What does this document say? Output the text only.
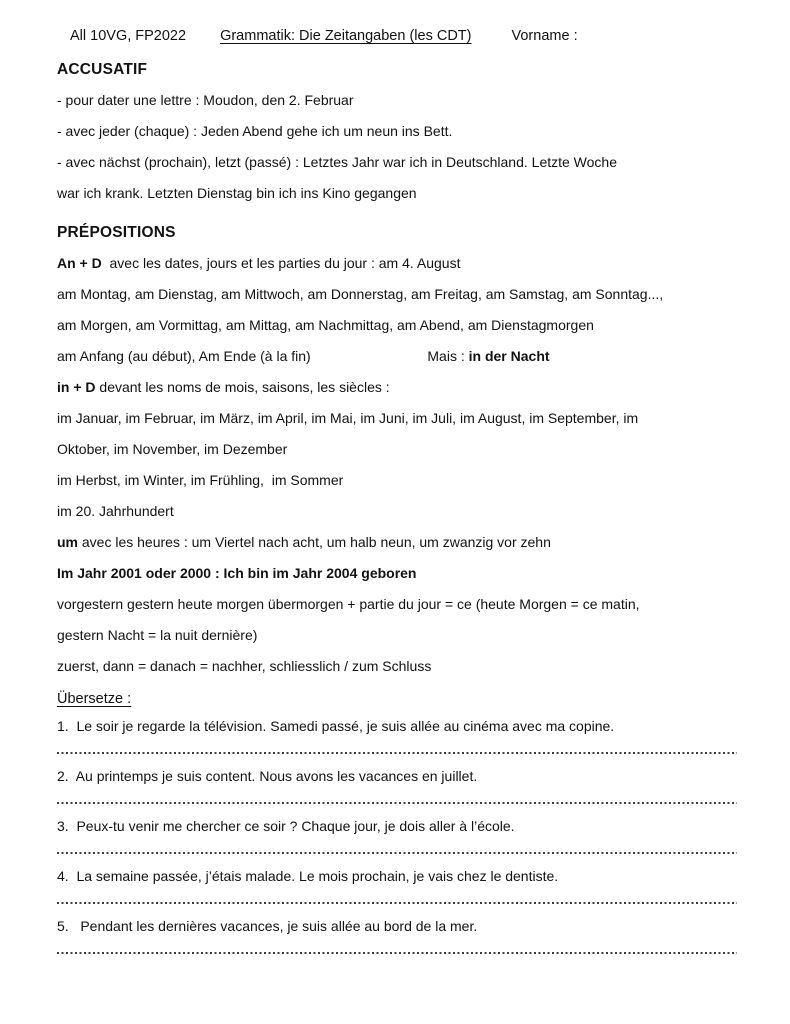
All 10VG, FP2022 Grammatik: Die Zeitangaben (les CDT)	Vorname :
ACCUSATIF
- pour dater une lettre : Moudon, den 2. Februar
- avec jeder (chaque) : Jeden Abend gehe ich um neun ins Bett.
- avec nächst (prochain), letzt (passé) : Letztes Jahr war ich in Deutschland. Letzte Woche
war ich krank. Letzten Dienstag bin ich ins Kino gegangen
PRÉPOSITIONS
An + D  avec les dates, jours et les parties du jour : am 4. August
am Montag, am Dienstag, am Mittwoch, am Donnerstag, am Freitag, am Samstag, am Sonntag...,
am Morgen, am Vormittag, am Mittag, am Nachmittag, am Abend, am Dienstagmorgen
am Anfang (au début), Am Ende (à la fin)                              Mais : in der Nacht
in + D devant les noms de mois, saisons, les siècles :
im Januar, im Februar, im März, im April, im Mai, im Juni, im Juli, im August, im September, im
Oktober, im November, im Dezember
im Herbst, im Winter, im Frühling,  im Sommer
im 20. Jahrhundert
um avec les heures : um Viertel nach acht, um halb neun, um zwanzig vor zehn
Im Jahr 2001 oder 2000 : Ich bin im Jahr 2004 geboren
vorgestern gestern heute morgen übermorgen + partie du jour = ce (heute Morgen = ce matin,
gestern Nacht = la nuit dernière)
zuerst, dann = danach = nachher, schliesslich / zum Schluss
Übersetze :
1.  Le soir je regarde la télévision. Samedi passé, je suis allée au cinéma avec ma copine.
2.  Au printemps je suis content. Nous avons les vacances en juillet.
3.  Peux-tu venir me chercher ce soir ? Chaque jour, je dois aller à l’école.
4.  La semaine passée, j’étais malade. Le mois prochain, je vais chez le dentiste.
5.   Pendant les dernières vacances, je suis allée au bord de la mer.
